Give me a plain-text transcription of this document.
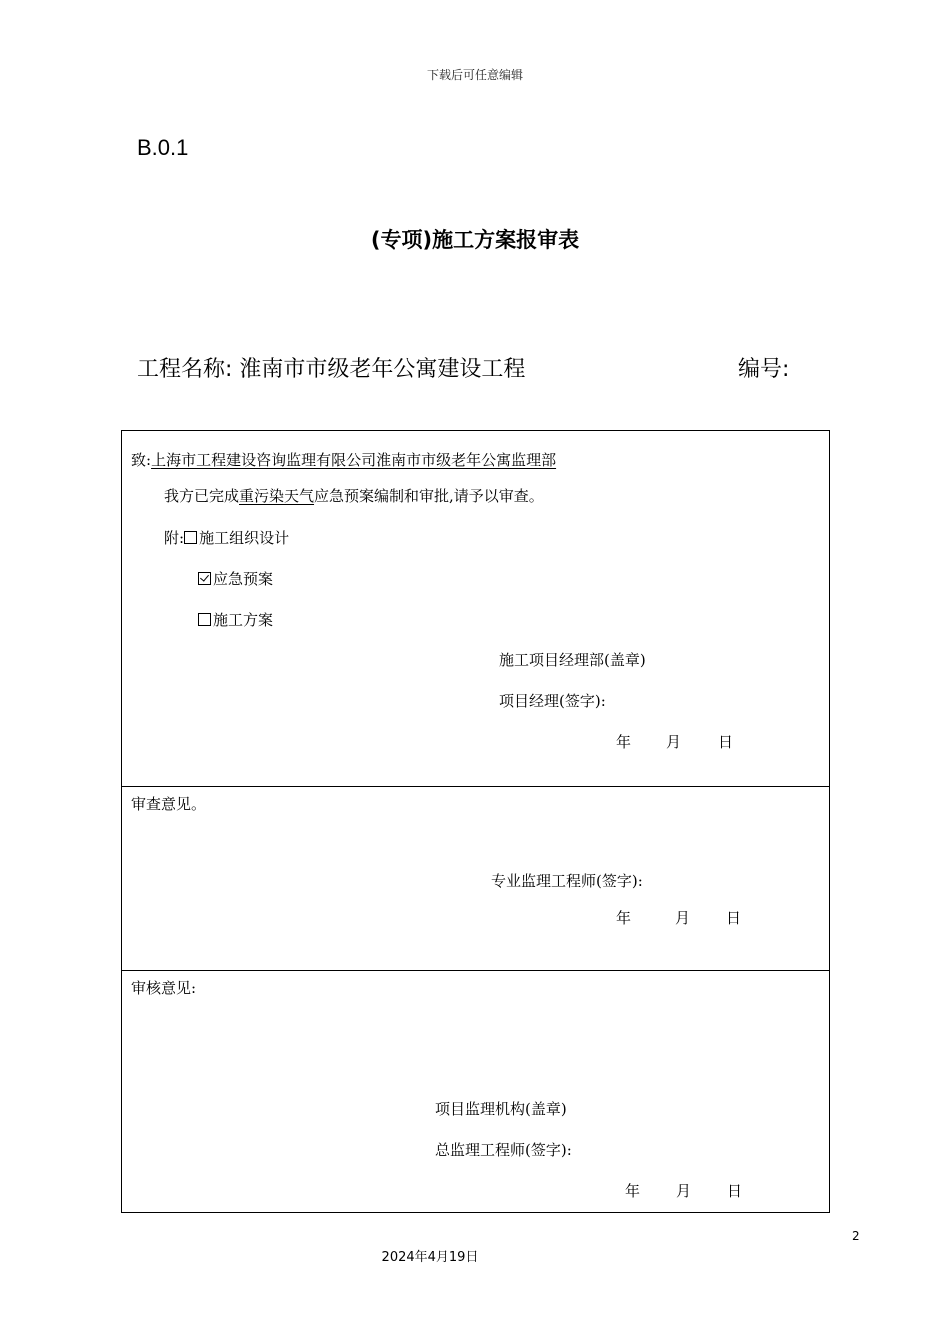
下载后可任意编辑
B.0.1
(专项)施工方案报审表
工程名称: 淮南市市级老年公寓建设工程	编号:
致:上海市工程建设咨询监理有限公司淮南市市级老年公寓监理部
我方已完成重污染天气应急预案编制和审批,请予以审查。
附: 施工组织设计
应急预案
施工方案
施工项目经理部(盖章)
项目经理(签字):
年 月 日
审查意见。
专业监理工程师(签字):
年	月 日
审核意见:
项目监理机构(盖章)
总监理工程师(签字):
年 月 日
2
2024年4月19日
